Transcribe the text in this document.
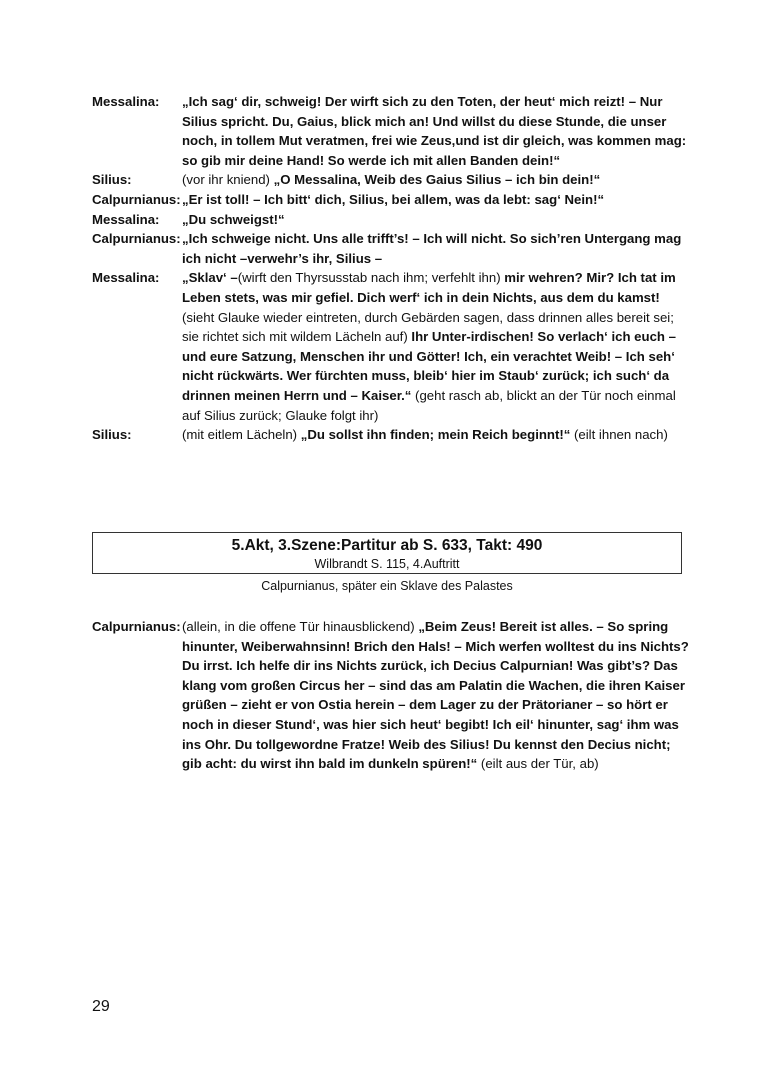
Messalina:	„Ich sag‘ dir, schweig! Der wirft sich zu den Toten, der heut‘ mich reizt! – Nur Silius spricht. Du, Gaius, blick mich an! Und willst du diese Stunde, die unser noch, in tollem Mut veratmen, frei wie Zeus,und ist dir gleich, was kommen mag: so gib mir deine Hand! So werde ich mit allen Banden dein!“
Silius:	(vor ihr kniend) „O Messalina, Weib des Gaius Silius – ich bin dein!“
Calpurnianus: „Er ist toll! – Ich bitt‘ dich, Silius, bei allem, was da lebt: sag‘ Nein!“
Messalina:	„Du schweigst!“
Calpurnianus: „Ich schweige nicht. Uns alle trifft’s! – Ich will nicht. So sich’ren Untergang mag ich nicht –verwehr’s ihr, Silius –
Messalina:	„Sklav‘ –(wirft den Thyrsusstab nach ihm; verfehlt ihn) mir wehren? Mir? Ich tat im Leben stets, was mir gefiel. Dich werf‘ ich in dein Nichts, aus dem du kamst! (sieht Glauke wieder eintreten, durch Gebärden sagen, dass drinnen alles bereit sei; sie richtet sich mit wildem Lächeln auf) Ihr Unter-irdischen! So verlach‘ ich euch – und eure Satzung, Menschen ihr und Götter! Ich, ein verachtet Weib! – Ich seh‘ nicht rückwärts. Wer fürchten muss, bleib‘ hier im Staub‘ zurück; ich such‘ da drinnen meinen Herrn und – Kaiser.“ (geht rasch ab, blickt an der Tür noch einmal auf Silius zurück; Glauke folgt ihr)
Silius:	(mit eitlem Lächeln) „Du sollst ihn finden; mein Reich beginnt!“ (eilt ihnen nach)
5.Akt, 3.Szene:Partitur ab S. 633, Takt: 490
Wilbrandt S. 115, 4.Auftritt
Calpurnianus, später ein Sklave des Palastes
Calpurnianus: (allein, in die offene Tür hinausblickend) „Beim Zeus! Bereit ist alles. – So spring hinunter, Weiberwahnsinn! Brich den Hals! – Mich werfen wolltest du ins Nichts? Du irrst. Ich helfe dir ins Nichts zurück, ich Decius Calpurnian! Was gibt’s? Das klang vom großen Circus her – sind das am Palatin die Wachen, die ihren Kaiser grüßen – zieht er von Ostia herein – dem Lager zu der Prätorianer – so hört er noch in dieser Stund‘, was hier sich heut‘ begibt! Ich eil‘ hinunter, sag‘ ihm was ins Ohr. Du tollgewordne Fratze! Weib des Silius! Du kennst den Decius nicht; gib acht: du wirst ihn bald im dunkeln spüren!“ (eilt aus der Tür, ab)
29
